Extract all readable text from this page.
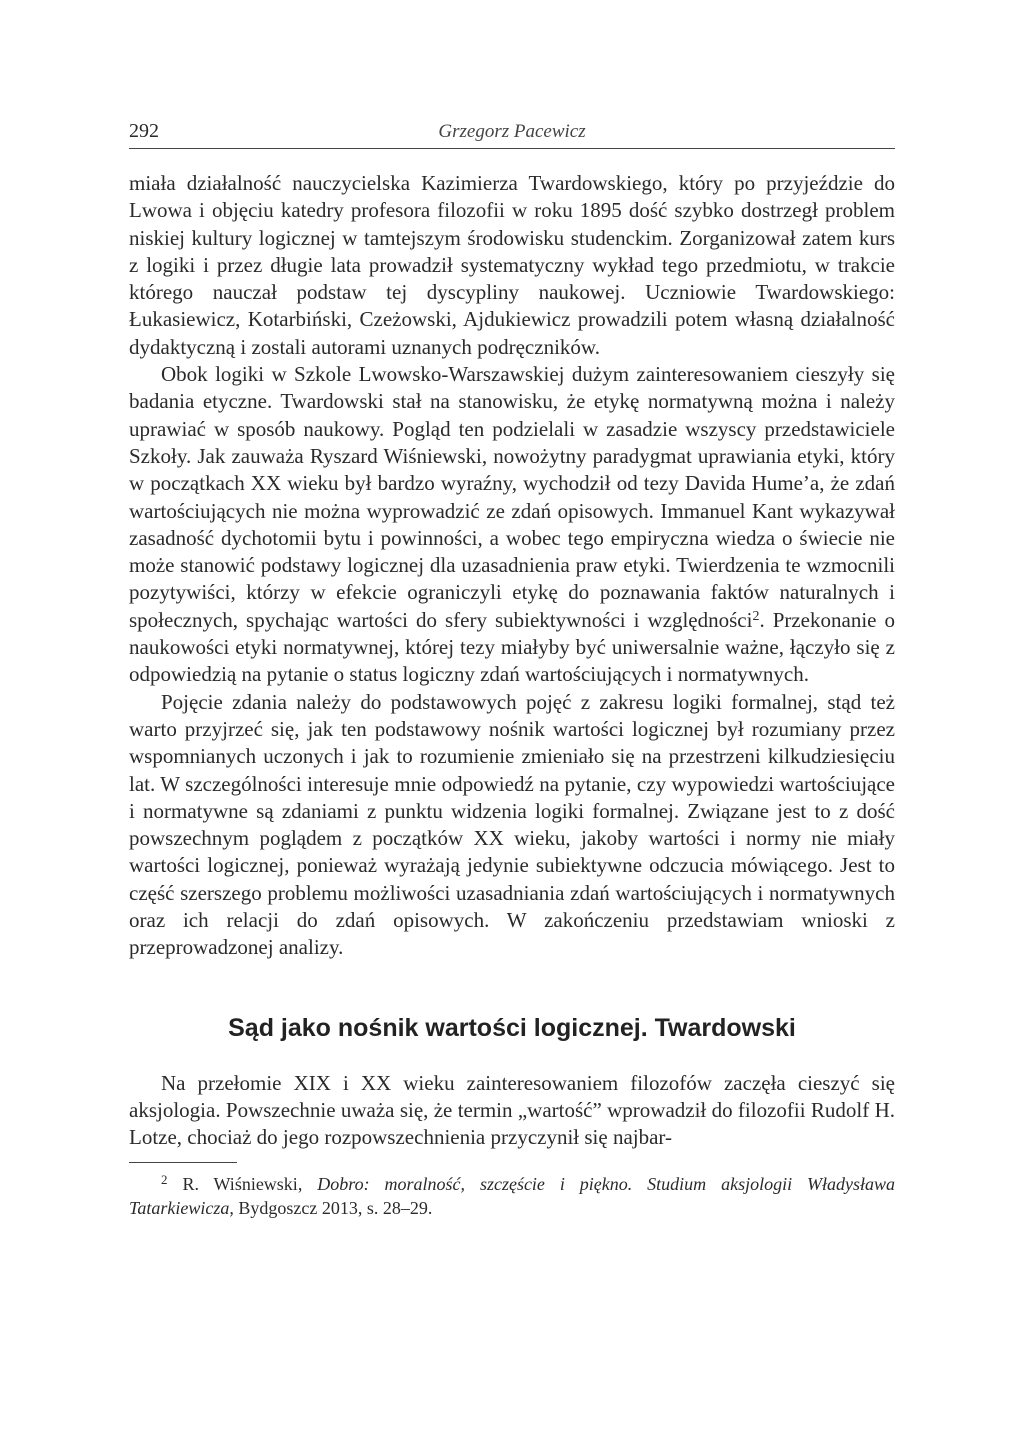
292	Grzegorz Pacewicz

miała działalność nauczycielska Kazimierza Twardowskiego, który po przyjeździe do Lwowa i objęciu katedry profesora filozofii w roku 1895 dość szybko dostrzegł problem niskiej kultury logicznej w tamtejszym środowisku studenckim. Zorganizował zatem kurs z logiki i przez długie lata prowadził systematyczny wykład tego przedmiotu, w trakcie którego nauczał podstaw tej dyscypliny naukowej. Uczniowie Twardowskiego: Łukasiewicz, Kotarbiński, Czeżowski, Ajdukiewicz prowadzili potem własną działalność dydaktyczną i zostali autorami uznanych podręczników.

Obok logiki w Szkole Lwowsko-Warszawskiej dużym zainteresowaniem cieszyły się badania etyczne. Twardowski stał na stanowisku, że etykę normatywną można i należy uprawiać w sposób naukowy. Pogląd ten podzielali w zasadzie wszyscy przedstawiciele Szkoły. Jak zauważa Ryszard Wiśniewski, nowożytny paradygmat uprawiania etyki, który w początkach XX wieku był bardzo wyraźny, wychodził od tezy Davida Hume’a, że zdań wartościujących nie można wyprowadzić ze zdań opisowych. Immanuel Kant wykazywał zasadność dychotomii bytu i powinności, a wobec tego empiryczna wiedza o świecie nie może stanowić podstawy logicznej dla uzasadnienia praw etyki. Twierdzenia te wzmocnili pozytywiści, którzy w efekcie ograniczyli etykę do poznawania faktów naturalnych i społecznych, spychając wartości do sfery subiektywności i względności$^2$. Przekonanie o naukowości etyki normatywnej, której tezy miałyby być uniwersalnie ważne, łączyło się z odpowiedzią na pytanie o status logiczny zdań wartościujących i normatywnych.

Pojęcie zdania należy do podstawowych pojęć z zakresu logiki formalnej, stąd też warto przyjrzeć się, jak ten podstawowy nośnik wartości logicznej był rozumiany przez wspomnianych uczonych i jak to rozumienie zmieniało się na przestrzeni kilkudziesięciu lat. W szczególności interesuje mnie odpowiedź na pytanie, czy wypowiedzi wartościujące i normatywne są zdaniami z punktu widzenia logiki formalnej. Związane jest to z dość powszechnym poglądem z początków XX wieku, jakoby wartości i normy nie miały wartości logicznej, ponieważ wyrażają jedynie subiektywne odczucia mówiącego. Jest to część szerszego problemu możliwości uzasadniania zdań wartościujących i normatywnych oraz ich relacji do zdań opisowych. W zakończeniu przedstawiam wnioski z przeprowadzonej analizy.

Sąd jako nośnik wartości logicznej. Twardowski

Na przełomie XIX i XX wieku zainteresowaniem filozofów zaczęła cieszyć się aksjologia. Powszechnie uważa się, że termin „wartość” wprowadził do filozofii Rudolf H. Lotze, chociaż do jego rozpowszechnienia przyczynił się najbar-

$^2$ R. Wiśniewski, Dobro: moralność, szczęście i piękno. Studium aksjologii Władysława Tatarkiewicza, Bydgoszcz 2013, s. 28–29.
